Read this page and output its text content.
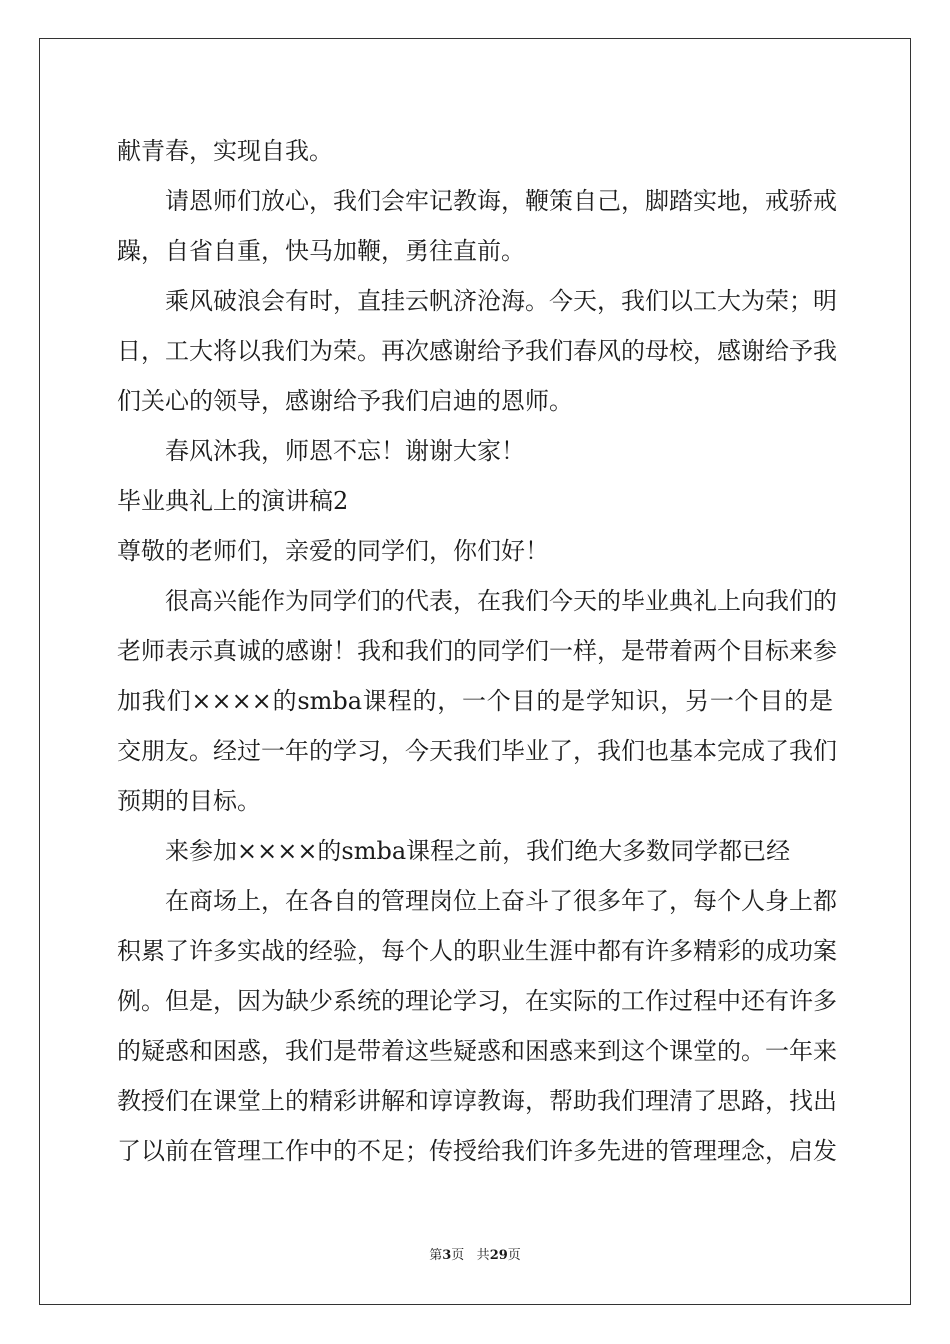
献青春，实现自我。
请恩师们放心，我们会牢记教诲，鞭策自己，脚踏实地，戒骄戒
躁，自省自重，快马加鞭，勇往直前。
乘风破浪会有时，直挂云帆济沧海。今天，我们以工大为荣；明
日，工大将以我们为荣。再次感谢给予我们春风的母校，感谢给予我
们关心的领导，感谢给予我们启迪的恩师。
春风沐我，师恩不忘！谢谢大家！
毕业典礼上的演讲稿2
尊敬的老师们，亲爱的同学们，你们好！
很高兴能作为同学们的代表，在我们今天的毕业典礼上向我们的
老师表示真诚的感谢！我和我们的同学们一样，是带着两个目标来参
加我们××××的smba课程的，一个目的是学知识，另一个目的是
交朋友。经过一年的学习，今天我们毕业了，我们也基本完成了我们
预期的目标。
来参加××××的smba课程之前，我们绝大多数同学都已经
在商场上，在各自的管理岗位上奋斗了很多年了，每个人身上都
积累了许多实战的经验，每个人的职业生涯中都有许多精彩的成功案
例。但是，因为缺少系统的理论学习，在实际的工作过程中还有许多
的疑惑和困惑，我们是带着这些疑惑和困惑来到这个课堂的。一年来
教授们在课堂上的精彩讲解和谆谆教诲，帮助我们理清了思路，找出
了以前在管理工作中的不足；传授给我们许多先进的管理理念，启发
第3页 共29页
